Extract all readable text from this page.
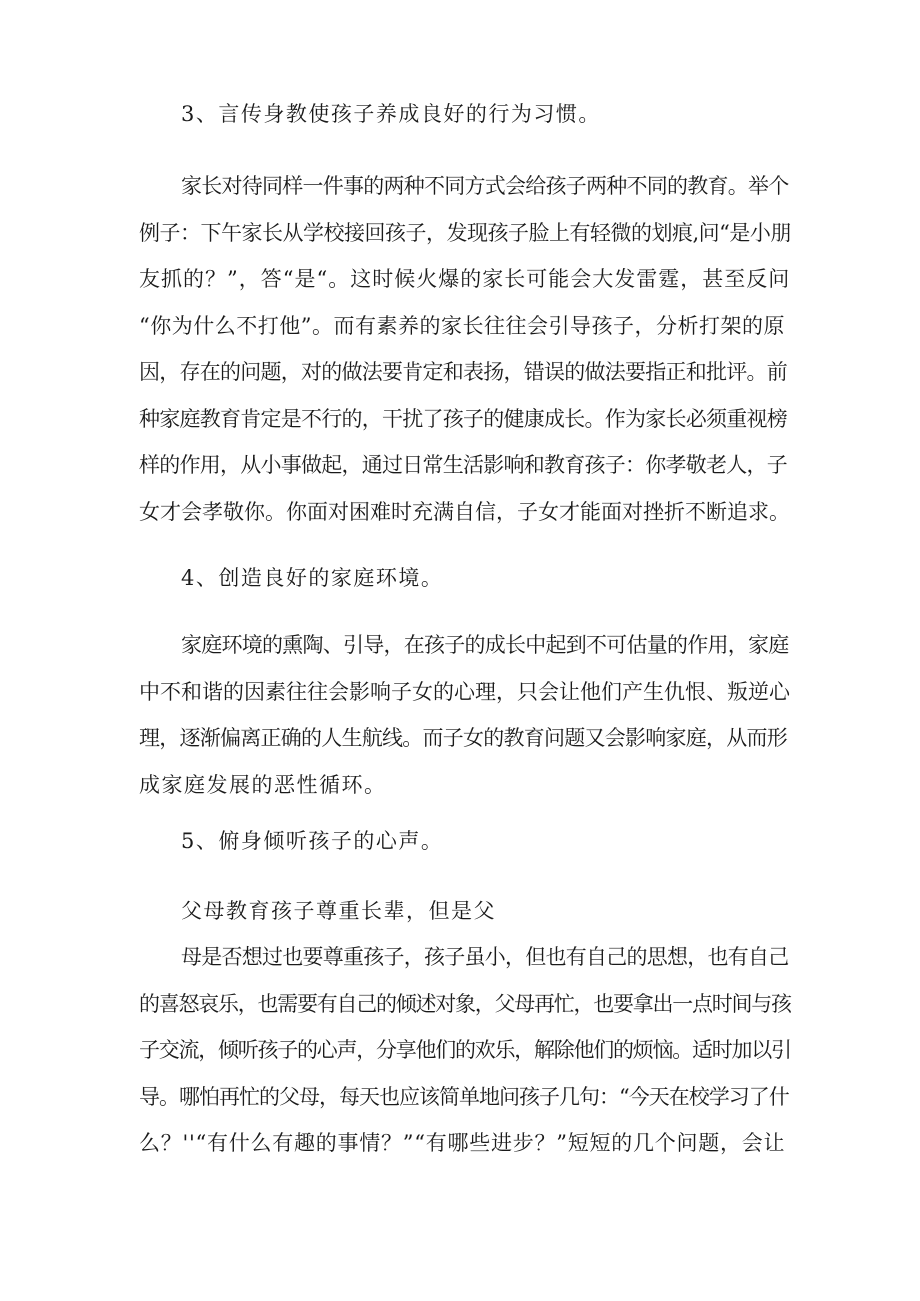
3、言传身教使孩子养成良好的行为习惯。
家长对待同样一件事的两种不同方式会给孩子两种不同的教育。举个
例子：下午家长从学校接回孩子，发现孩子脸上有轻微的划痕,问“是小朋
友抓的？”，答“是“。这时候火爆的家长可能会大发雷霆，甚至反问
“你为什么不打他”。而有素养的家长往往会引导孩子，分析打架的原
因，存在的问题，对的做法要肯定和表扬，错误的做法要指正和批评。前
种家庭教育肯定是不行的，干扰了孩子的健康成长。作为家长必须重视榜
样的作用，从小事做起，通过日常生活影响和教育孩子：你孝敬老人，子
女才会孝敬你。你面对困难时充满自信，子女才能面对挫折不断追求。
4、创造良好的家庭环境。
家庭环境的熏陶、引导，在孩子的成长中起到不可估量的作用，家庭
中不和谐的因素往往会影响子女的心理，只会让他们产生仇恨、叛逆心
理，逐渐偏离正确的人生航线。而子女的教育问题又会影响家庭，从而形
成家庭发展的恶性循环。
5、俯身倾听孩子的心声。
父母教育孩子尊重长辈，但是父
母是否想过也要尊重孩子，孩子虽小，但也有自己的思想，也有自己
的喜怒哀乐，也需要有自己的倾述对象，父母再忙，也要拿出一点时间与孩
子交流，倾听孩子的心声，分享他们的欢乐，解除他们的烦恼。适时加以引
导。哪怕再忙的父母，每天也应该简单地问孩子几句：“今天在校学习了什
么？''“有什么有趣的事情？”“有哪些进步？”短短的几个问题，会让
